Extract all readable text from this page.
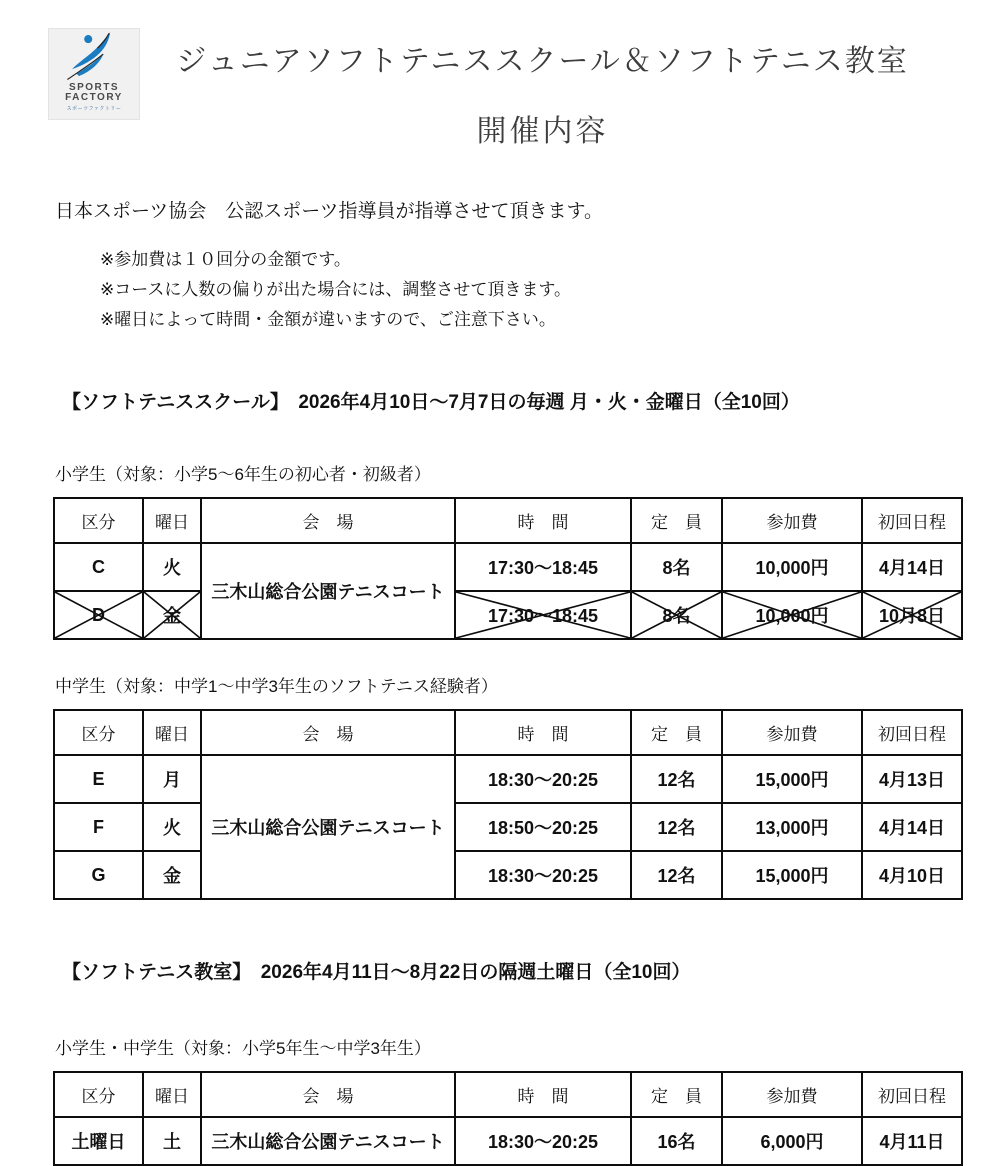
SPORTS
FACTORY
スポーツファクトリー
ジュニアソフトテニススクール＆ソフトテニス教室
開催内容
日本スポーツ協会　公認スポーツ指導員が指導させて頂きます。
※参加費は１０回分の金額です。
※コースに人数の偏りが出た場合には、調整させて頂きます。
※曜日によって時間・金額が違いますので、ご注意下さい。
【ソフトテニススクール】　2026年4月10日～7月7日の毎週 月・火・金曜日（全10回）
小学生（対象：小学5～6年生の初心者・初級者）
区分	曜日	会　場	時　間	定　員	参加費	初回日程
C	火	三木山総合公園テニスコート	17:30～18:45	8名	10,000円	4月14日

D	金		17:30～18:45	8名	10,000円	10月8日
中学生（対象：中学1～中学3年生のソフトテニス経験者）
区分	曜日	会　場	時　間	定　員	参加費	初回日程
E	月	三木山総合公園テニスコート	18:30～20:25	12名	15,000円	4月13日
F	火		18:50～20:25	12名	13,000円	4月14日
G	金		18:30～20:25	12名	15,000円	4月10日
【ソフトテニス教室】　2026年4月11日～8月22日の隔週土曜日（全10回）
小学生・中学生（対象：小学5年生～中学3年生）
区分	曜日	会　場	時　間	定　員	参加費	初回日程
土曜日	土	三木山総合公園テニスコート	18:30～20:25	16名	6,000円	4月11日
